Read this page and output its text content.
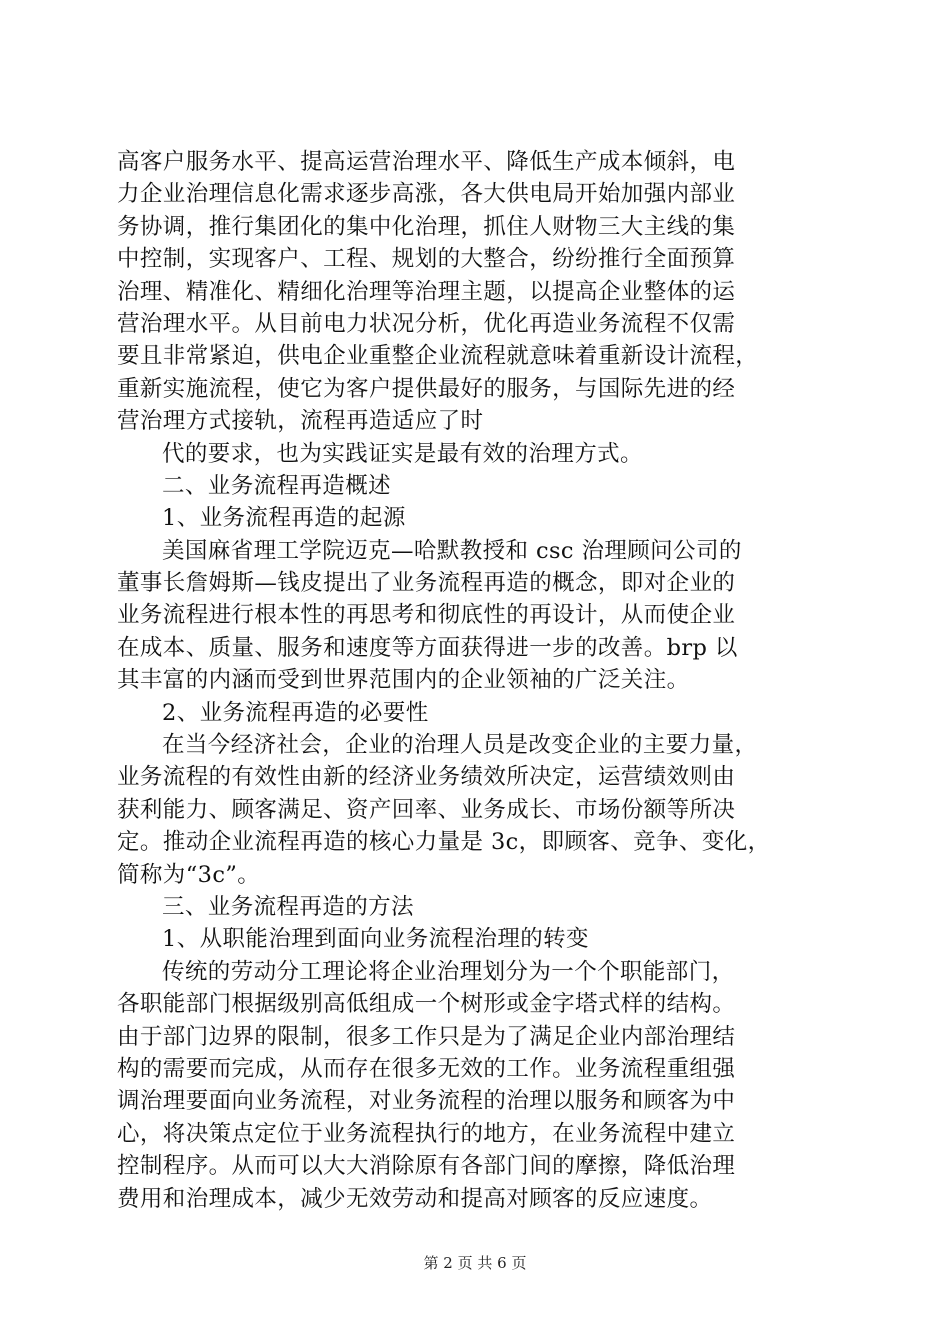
高客户服务水平、提高运营治理水平、降低生产成本倾斜，电
力企业治理信息化需求逐步高涨，各大供电局开始加强内部业
务协调，推行集团化的集中化治理，抓住人财物三大主线的集
中控制，实现客户、工程、规划的大整合，纷纷推行全面预算
治理、精准化、精细化治理等治理主题，以提高企业整体的运
营治理水平。从目前电力状况分析，优化再造业务流程不仅需
要且非常紧迫，供电企业重整企业流程就意味着重新设计流程，
重新实施流程，使它为客户提供最好的服务，与国际先进的经
营治理方式接轨，流程再造适应了时
代的要求，也为实践证实是最有效的治理方式。
二、业务流程再造概述
1、业务流程再造的起源
美国麻省理工学院迈克—哈默教授和 csc 治理顾问公司的
董事长詹姆斯—钱皮提出了业务流程再造的概念，即对企业的
业务流程进行根本性的再思考和彻底性的再设计，从而使企业
在成本、质量、服务和速度等方面获得进一步的改善。brp 以
其丰富的内涵而受到世界范围内的企业领袖的广泛关注。
2、业务流程再造的必要性
在当今经济社会，企业的治理人员是改变企业的主要力量，
业务流程的有效性由新的经济业务绩效所决定，运营绩效则由
获利能力、顾客满足、资产回率、业务成长、市场份额等所决
定。推动企业流程再造的核心力量是 3c，即顾客、竞争、变化，
简称为“3c”。
三、业务流程再造的方法
1、从职能治理到面向业务流程治理的转变
传统的劳动分工理论将企业治理划分为一个个职能部门，
各职能部门根据级别高低组成一个树形或金字塔式样的结构。
由于部门边界的限制，很多工作只是为了满足企业内部治理结
构的需要而完成，从而存在很多无效的工作。业务流程重组强
调治理要面向业务流程，对业务流程的治理以服务和顾客为中
心，将决策点定位于业务流程执行的地方，在业务流程中建立
控制程序。从而可以大大消除原有各部门间的摩擦，降低治理
费用和治理成本，减少无效劳动和提高对顾客的反应速度。
第 2 页 共 6 页
